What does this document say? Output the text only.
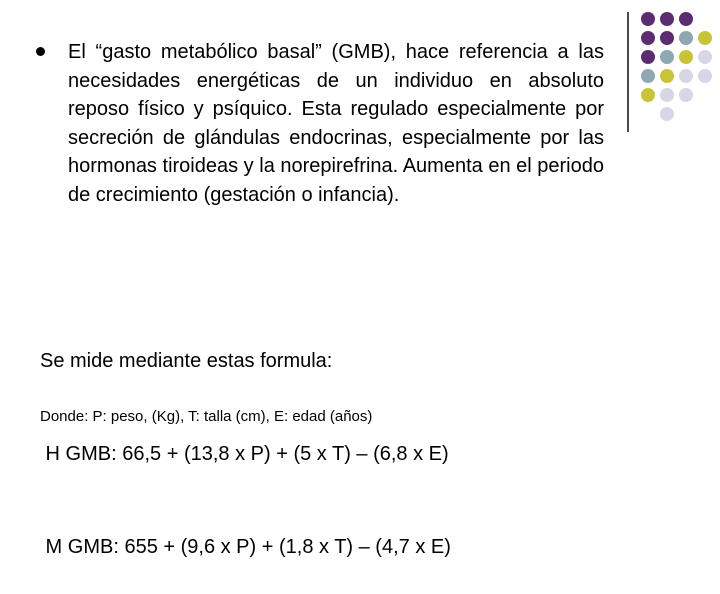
El “gasto metabólico basal” (GMB), hace referencia a las necesidades energéticas de un individuo en absoluto reposo físico y psíquico. Esta regulado especialmente por secreción de glándulas endocrinas, especialmente por las hormonas tiroideas y la norepirefrina. Aumenta en el periodo de crecimiento (gestación o infancia).

Se mide mediante estas formula:

H GMB: 66,5 + (13,8 x P) + (5 x T) – (6,8 x E)

M GMB: 655 + (9,6 x P) + (1,8 x T) – (4,7 x E)

Donde: P: peso, (Kg), T: talla (cm), E: edad (años)
